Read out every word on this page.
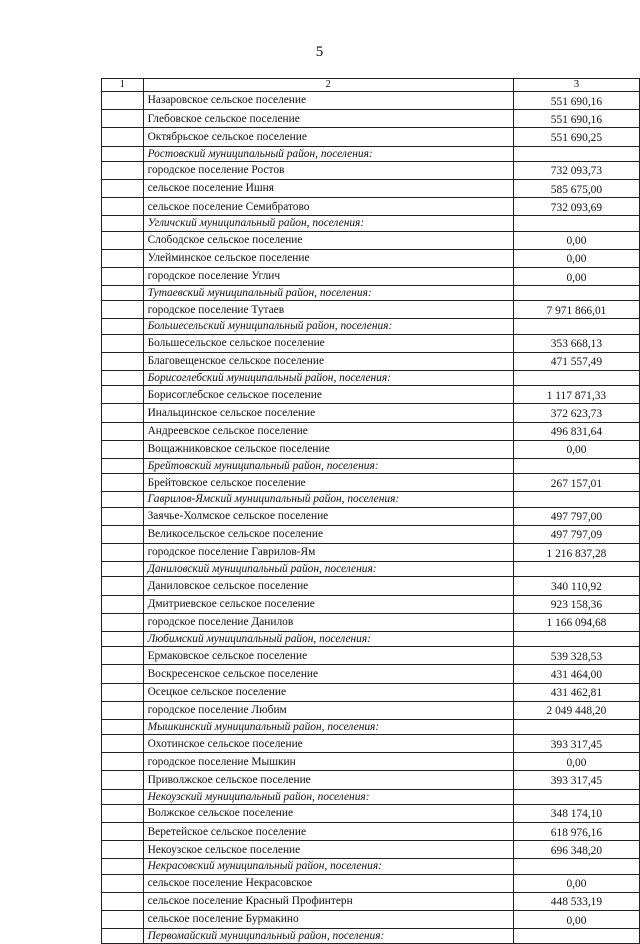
5
1	2	3
	Назаровское сельское поселение	551 690,16
	Глебовское сельское поселение	551 690,16
	Октябрьское сельское поселение	551 690,25
	Ростовский муниципальный район, поселения:	
	городское поселение Ростов	732 093,73
	сельское поселение Ишня	585 675,00
	сельское поселение Семибратово	732 093,69
	Угличский муниципальный район, поселения:	
	Слободское сельское поселение	0,00
	Улейминское сельское поселение	0,00
	городское поселение Углич	0,00
	Тутаевский муниципальный район, поселения:	
	городское поселение Тутаев	7 971 866,01
	Большесельский муниципальный район, поселения:	
	Большесельское сельское поселение	353 668,13
	Благовещенское сельское поселение	471 557,49
	Борисоглебский муниципальный район, поселения:	
	Борисоглебское сельское поселение	1 117 871,33
	Инальцинское сельское поселение	372 623,73
	Андреевское сельское поселение	496 831,64
	Вощажниковское сельское поселение	0,00
	Брейтовский муниципальный район, поселения:	
	Брейтовское сельское поселение	267 157,01
	Гаврилов-Ямский муниципальный район, поселения:	
	Заячье-Холмское сельское поселение	497 797,00
	Великосельское сельское поселение	497 797,09
	городское поселение Гаврилов-Ям	1 216 837,28
	Даниловский муниципальный район, поселения:	
	Даниловское сельское поселение	340 110,92
	Дмитриевское сельское поселение	923 158,36
	городское поселение Данилов	1 166 094,68
	Любимский муниципальный район, поселения:	
	Ермаковское сельское поселение	539 328,53
	Воскресенское сельское поселение	431 464,00
	Осецкое сельское поселение	431 462,81
	городское поселение Любим	2 049 448,20
	Мышкинский муниципальный район, поселения:	
	Охотинское сельское поселение	393 317,45
	городское поселение Мышкин	0,00
	Приволжское сельское поселение	393 317,45
	Некоузский муниципальный район, поселения:	
	Волжское сельское поселение	348 174,10
	Веретейское сельское поселение	618 976,16
	Некоузское сельское поселение	696 348,20
	Некрасовский муниципальный район, поселения:	
	сельское поселение Некрасовское	0,00
	сельское поселение Красный Профинтерн	448 533,19
	сельское поселение Бурмакино	0,00
	Первомайский муниципальный район, поселения:	
